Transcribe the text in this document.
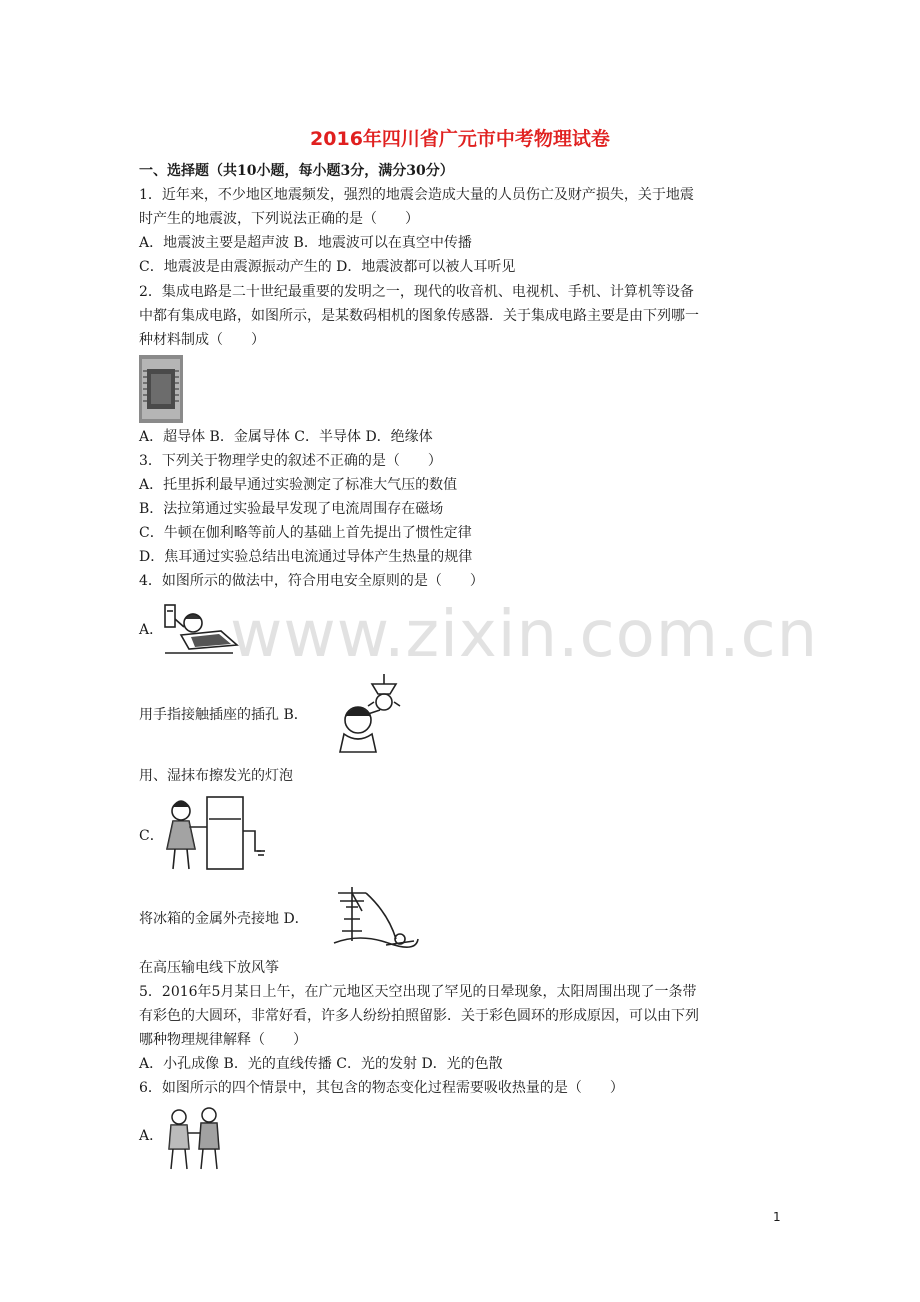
2016年四川省广元市中考物理试卷
一、选择题（共10小题，每小题3分，满分30分）
1．近年来，不少地区地震频发，强烈的地震会造成大量的人员伤亡及财产损失，关于地震
时产生的地震波，下列说法正确的是（　　）
A．地震波主要是超声波 B．地震波可以在真空中传播
C．地震波是由震源振动产生的 D．地震波都可以被人耳听见
2．集成电路是二十世纪最重要的发明之一，现代的收音机、电视机、手机、计算机等设备
中都有集成电路，如图所示，是某数码相机的图象传感器．关于集成电路主要是由下列哪一
种材料制成（　　）
A．超导体 B．金属导体 C．半导体 D．绝缘体
3．下列关于物理学史的叙述不正确的是（　　）
A．托里拆利最早通过实验测定了标准大气压的数值
B．法拉第通过实验最早发现了电流周围存在磁场
C．牛顿在伽利略等前人的基础上首先提出了惯性定律
D．焦耳通过实验总结出电流通过导体产生热量的规律
4．如图所示的做法中，符合用电安全原则的是（　　）
www.zixin.com.cn
A．
用手指接触插座的插孔 B．
用、湿抹布擦发光的灯泡
C．
将冰箱的金属外壳接地 D．
在高压输电线下放风筝
5．2016年5月某日上午，在广元地区天空出现了罕见的日晕现象，太阳周围出现了一条带
有彩色的大圆环，非常好看，许多人纷纷拍照留影．关于彩色圆环的形成原因，可以由下列
哪种物理规律解释（　　）
A．小孔成像 B．光的直线传播 C．光的发射 D．光的色散
6．如图所示的四个情景中，其包含的物态变化过程需要吸收热量的是（　　）
A．
1
